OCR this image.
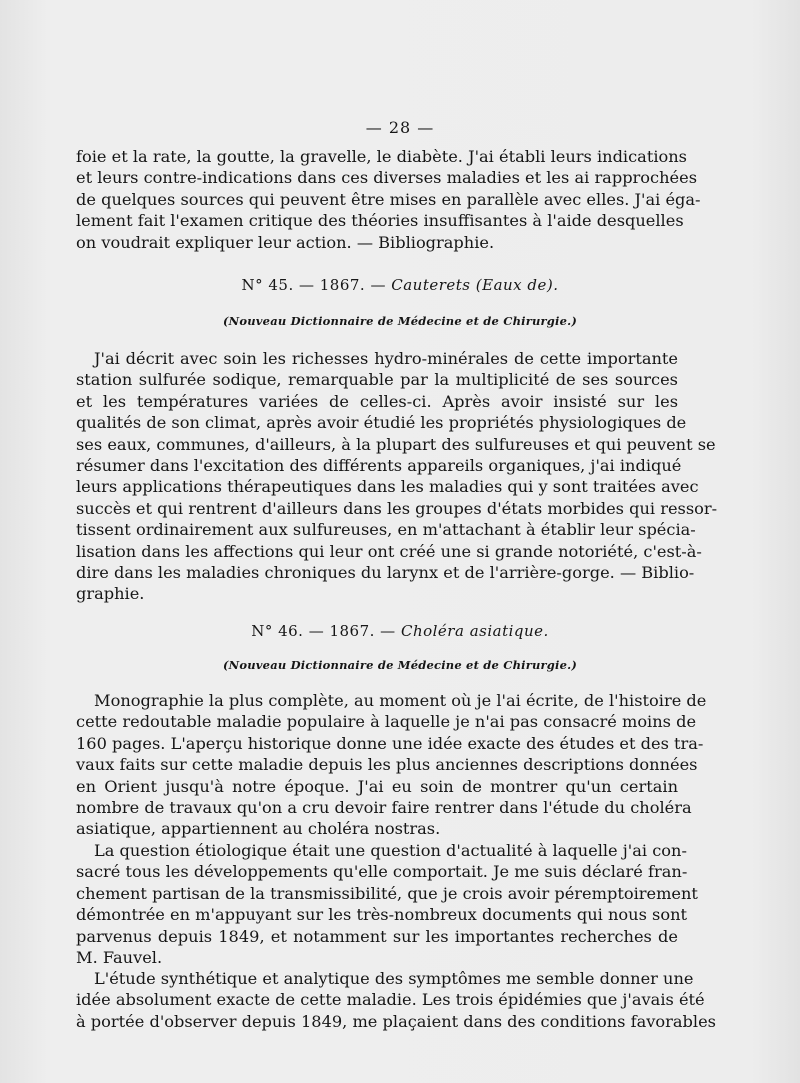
— 28 —
foie et la rate, la goutte, la gravelle, le diabète. J'ai établi leurs indications
et leurs contre-indications dans ces diverses maladies et les ai rapprochées
de quelques sources qui peuvent être mises en parallèle avec elles. J'ai éga-
lement fait l'examen critique des théories insuffisantes à l'aide desquelles
on voudrait expliquer leur action. — Bibliographie.
N° 45. — 1867. — Cauterets (Eaux de).
(Nouveau Dictionnaire de Médecine et de Chirurgie.)
J'ai décrit avec soin les richesses hydro-minérales de cette importante
station sulfurée sodique, remarquable par la multiplicité de ses sources
et les températures variées de celles-ci. Après avoir insisté sur les
qualités de son climat, après avoir étudié les propriétés physiologiques de
ses eaux, communes, d'ailleurs, à la plupart des sulfureuses et qui peuvent se
résumer dans l'excitation des différents appareils organiques, j'ai indiqué
leurs applications thérapeutiques dans les maladies qui y sont traitées avec
succès et qui rentrent d'ailleurs dans les groupes d'états morbides qui ressor-
tissent ordinairement aux sulfureuses, en m'attachant à établir leur spécia-
lisation dans les affections qui leur ont créé une si grande notoriété, c'est-à-
dire dans les maladies chroniques du larynx et de l'arrière-gorge. — Biblio-
graphie.
N° 46. — 1867. — Choléra asiatique.
(Nouveau Dictionnaire de Médecine et de Chirurgie.)
Monographie la plus complète, au moment où je l'ai écrite, de l'histoire de
cette redoutable maladie populaire à laquelle je n'ai pas consacré moins de
160 pages. L'aperçu historique donne une idée exacte des études et des tra-
vaux faits sur cette maladie depuis les plus anciennes descriptions données
en Orient jusqu'à notre époque. J'ai eu soin de montrer qu'un certain
nombre de travaux qu'on a cru devoir faire rentrer dans l'étude du choléra
asiatique, appartiennent au choléra nostras.
La question étiologique était une question d'actualité à laquelle j'ai con-
sacré tous les développements qu'elle comportait. Je me suis déclaré fran-
chement partisan de la transmissibilité, que je crois avoir péremptoirement
démontrée en m'appuyant sur les très-nombreux documents qui nous sont
parvenus depuis 1849, et notamment sur les importantes recherches de
M. Fauvel.
L'étude synthétique et analytique des symptômes me semble donner une
idée absolument exacte de cette maladie. Les trois épidémies que j'avais été
à portée d'observer depuis 1849, me plaçaient dans des conditions favorables
